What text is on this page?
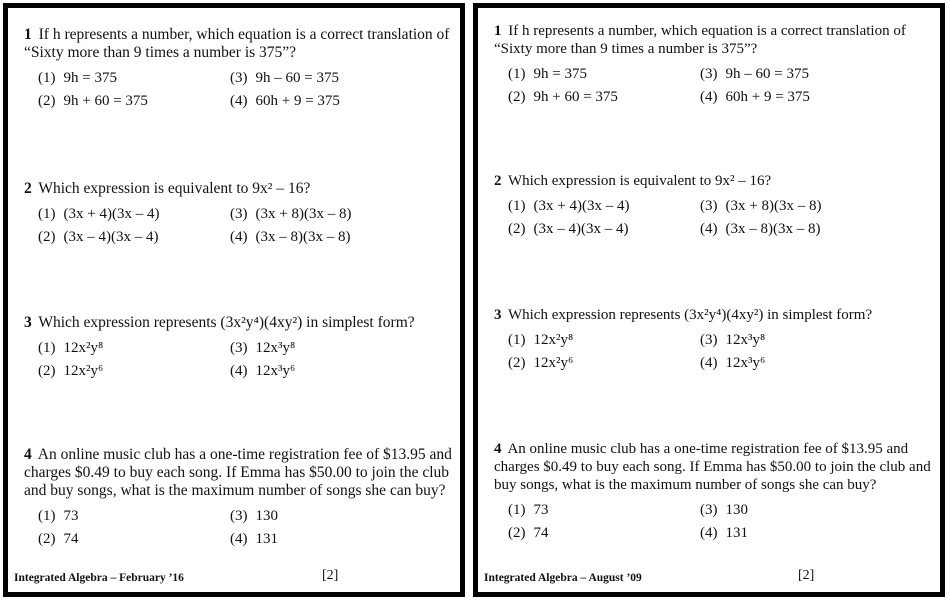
1 If h represents a number, which equation is a correct translation of “Sixty more than 9 times a number is 375”?
(1) 9h = 375	(3) 9h – 60 = 375
(2) 9h + 60 = 375	(4) 60h + 9 = 375
2 Which expression is equivalent to 9x² – 16?
(1) (3x + 4)(3x – 4)	(3) (3x + 8)(3x – 8)
(2) (3x – 4)(3x – 4)	(4) (3x – 8)(3x – 8)
3 Which expression represents (3x²y⁴)(4xy²) in simplest form?
(1) 12x²y⁸	(3) 12x³y⁸
(2) 12x²y⁶	(4) 12x³y⁶
4 An online music club has a one-time registration fee of $13.95 and charges $0.49 to buy each song. If Emma has $50.00 to join the club and buy songs, what is the maximum number of songs she can buy?
(1) 73	(3) 130
(2) 74	(4) 131
Integrated Algebra – February ’16	[2]
1 If h represents a number, which equation is a correct translation of “Sixty more than 9 times a number is 375”?
(1) 9h = 375	(3) 9h – 60 = 375
(2) 9h + 60 = 375	(4) 60h + 9 = 375
2 Which expression is equivalent to 9x² – 16?
(1) (3x + 4)(3x – 4)	(3) (3x + 8)(3x – 8)
(2) (3x – 4)(3x – 4)	(4) (3x – 8)(3x – 8)
3 Which expression represents (3x²y⁴)(4xy²) in simplest form?
(1) 12x²y⁸	(3) 12x³y⁸
(2) 12x²y⁶	(4) 12x³y⁶
4 An online music club has a one-time registration fee of $13.95 and charges $0.49 to buy each song. If Emma has $50.00 to join the club and buy songs, what is the maximum number of songs she can buy?
(1) 73	(3) 130
(2) 74	(4) 131
Integrated Algebra – August ’09	[2]
